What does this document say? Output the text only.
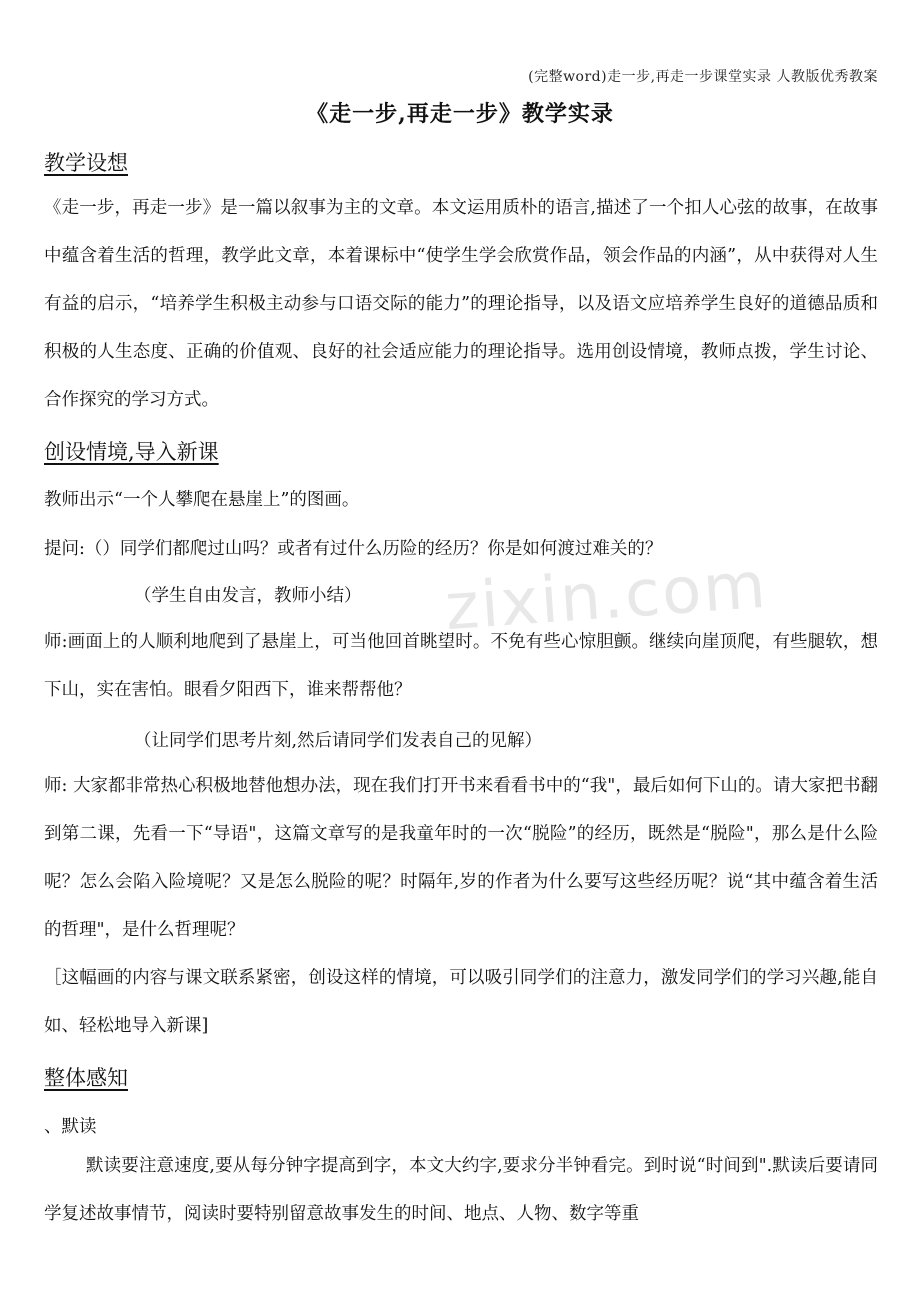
zixin.com
(完整word)走一步,再走一步课堂实录 人教版优秀教案
《走一步,再走一步》教学实录
教学设想

《走一步，再走一步》是一篇以叙事为主的文章。本文运用质朴的语言,描述了一个扣人心弦的故事，在故事中蕴含着生活的哲理，教学此文章，本着课标中“使学生学会欣赏作品，领会作品的内涵”，从中获得对人生有益的启示，“培养学生积极主动参与口语交际的能力”的理论指导，以及语文应培养学生良好的道德品质和积极的人生态度、正确的价值观、良好的社会适应能力的理论指导。选用创设情境，教师点拨，学生讨论、合作探究的学习方式。

创设情境,导入新课
教师出示“一个人攀爬在悬崖上”的图画。
提问:（）同学们都爬过山吗？或者有过什么历险的经历？你是如何渡过难关的？
（学生自由发言，教师小结）

师:画面上的人顺利地爬到了悬崖上，可当他回首眺望时。不免有些心惊胆颤。继续向崖顶爬，有些腿软，想下山，实在害怕。眼看夕阳西下，谁来帮帮他？

（让同学们思考片刻,然后请同学们发表自己的见解）

师: 大家都非常热心积极地替他想办法，现在我们打开书来看看书中的“我"，最后如何下山的。请大家把书翻到第二课，先看一下“导语"，这篇文章写的是我童年时的一次“脱险”的经历，既然是“脱险"，那么是什么险呢？怎么会陷入险境呢？又是怎么脱险的呢？时隔年,岁的作者为什么要写这些经历呢？说“其中蕴含着生活的哲理"，是什么哲理呢？

［这幅画的内容与课文联系紧密，创设这样的情境，可以吸引同学们的注意力，激发同学们的学习兴趣,能自如、轻松地导入新课]

整体感知
、默读

默读要注意速度,要从每分钟字提高到字，本文大约字,要求分半钟看完。到时说“时间到".默读后要请同学复述故事情节，阅读时要特别留意故事发生的时间、地点、人物、数字等重
